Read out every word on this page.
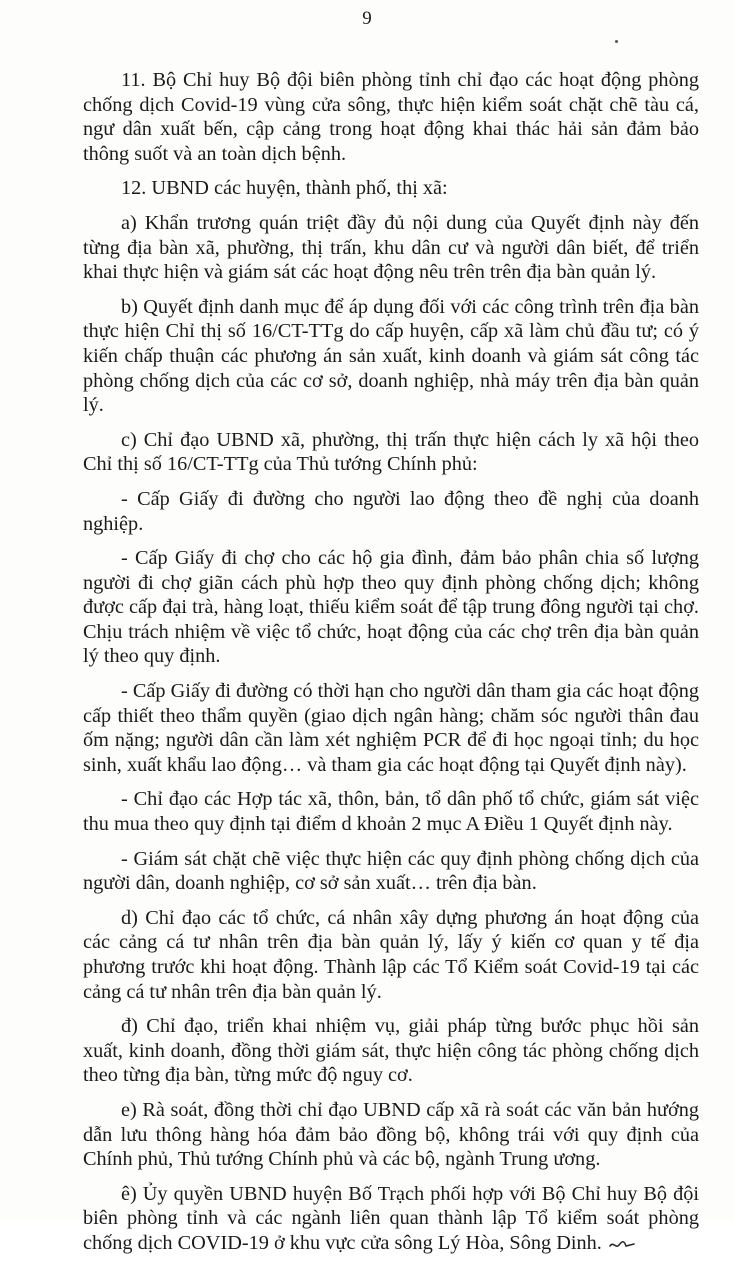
9

11. Bộ Chỉ huy Bộ đội biên phòng tỉnh chỉ đạo các hoạt động phòng chống dịch Covid-19 vùng cửa sông, thực hiện kiểm soát chặt chẽ tàu cá, ngư dân xuất bến, cập cảng trong hoạt động khai thác hải sản đảm bảo thông suốt và an toàn dịch bệnh.

12. UBND các huyện, thành phố, thị xã:

a) Khẩn trương quán triệt đầy đủ nội dung của Quyết định này đến từng địa bàn xã, phường, thị trấn, khu dân cư và người dân biết, để triển khai thực hiện và giám sát các hoạt động nêu trên trên địa bàn quản lý.

b) Quyết định danh mục để áp dụng đối với các công trình trên địa bàn thực hiện Chỉ thị số 16/CT-TTg do cấp huyện, cấp xã làm chủ đầu tư; có ý kiến chấp thuận các phương án sản xuất, kinh doanh và giám sát công tác phòng chống dịch của các cơ sở, doanh nghiệp, nhà máy trên địa bàn quản lý.

c) Chỉ đạo UBND xã, phường, thị trấn thực hiện cách ly xã hội theo Chỉ thị số 16/CT-TTg của Thủ tướng Chính phủ:

- Cấp Giấy đi đường cho người lao động theo đề nghị của doanh nghiệp.

- Cấp Giấy đi chợ cho các hộ gia đình, đảm bảo phân chia số lượng người đi chợ giãn cách phù hợp theo quy định phòng chống dịch; không được cấp đại trà, hàng loạt, thiếu kiểm soát để tập trung đông người tại chợ. Chịu trách nhiệm về việc tổ chức, hoạt động của các chợ trên địa bàn quản lý theo quy định.

- Cấp Giấy đi đường có thời hạn cho người dân tham gia các hoạt động cấp thiết theo thẩm quyền (giao dịch ngân hàng; chăm sóc người thân đau ốm nặng; người dân cần làm xét nghiệm PCR để đi học ngoại tỉnh; du học sinh, xuất khẩu lao động… và tham gia các hoạt động tại Quyết định này).

- Chỉ đạo các Hợp tác xã, thôn, bản, tổ dân phố tổ chức, giám sát việc thu mua theo quy định tại điểm d khoản 2 mục A Điều 1 Quyết định này.

- Giám sát chặt chẽ việc thực hiện các quy định phòng chống dịch của người dân, doanh nghiệp, cơ sở sản xuất… trên địa bàn.

d) Chỉ đạo các tổ chức, cá nhân xây dựng phương án hoạt động của các cảng cá tư nhân trên địa bàn quản lý, lấy ý kiến cơ quan y tế địa phương trước khi hoạt động. Thành lập các Tổ Kiểm soát Covid-19 tại các cảng cá tư nhân trên địa bàn quản lý.

đ) Chỉ đạo, triển khai nhiệm vụ, giải pháp từng bước phục hồi sản xuất, kinh doanh, đồng thời giám sát, thực hiện công tác phòng chống dịch theo từng địa bàn, từng mức độ nguy cơ.

e) Rà soát, đồng thời chỉ đạo UBND cấp xã rà soát các văn bản hướng dẫn lưu thông hàng hóa đảm bảo đồng bộ, không trái với quy định của Chính phủ, Thủ tướng Chính phủ và các bộ, ngành Trung ương.

ê) Ủy quyền UBND huyện Bố Trạch phối hợp với Bộ Chỉ huy Bộ đội biên phòng tỉnh và các ngành liên quan thành lập Tổ kiểm soát phòng chống dịch COVID-19 ở khu vực cửa sông Lý Hòa, Sông Dinh.
